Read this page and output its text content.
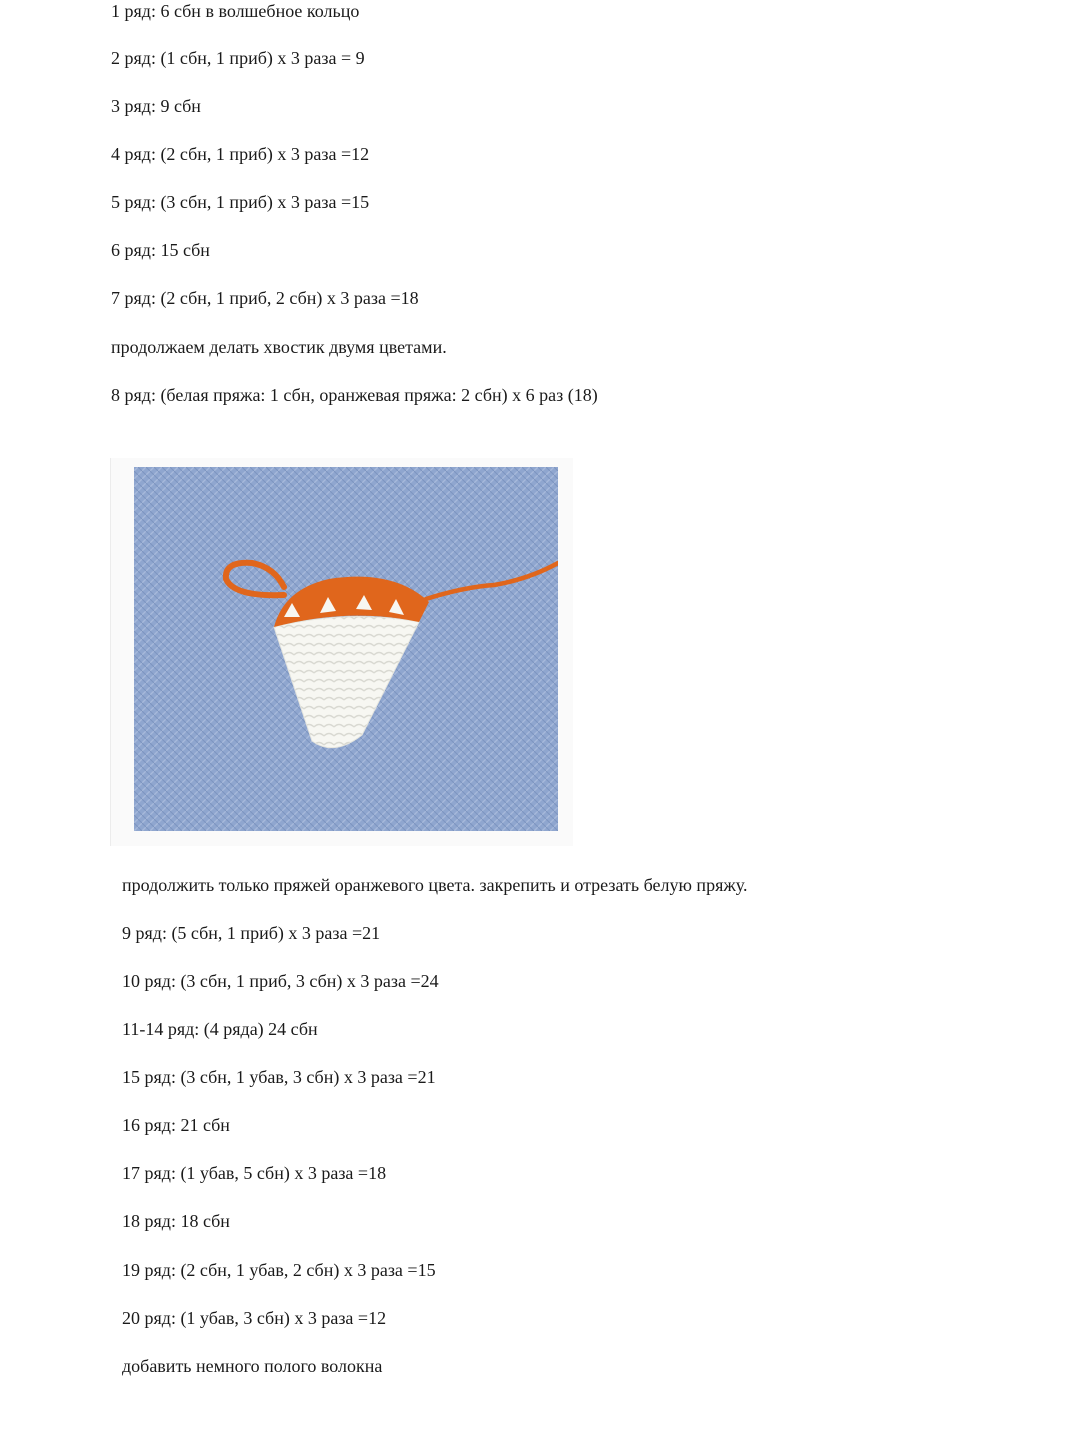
1 ряд: 6 сбн в волшебное кольцо
2 ряд: (1 сбн, 1 приб) х 3 раза = 9
3 ряд: 9 сбн
4 ряд: (2 сбн, 1 приб) х 3 раза =12
5 ряд: (3 сбн, 1 приб) х 3 раза =15
6 ряд: 15 сбн
7 ряд: (2 сбн, 1 приб, 2 сбн) х 3 раза =18
продолжаем делать хвостик двумя цветами.
8 ряд: (белая пряжа: 1 сбн, оранжевая пряжа: 2 сбн) х 6 раз (18)
продолжить только пряжей оранжевого цвета. закрепить и отрезать белую пряжу.
9 ряд: (5 сбн, 1 приб) х 3 раза =21
10 ряд: (3 сбн, 1 приб, 3 сбн) х 3 раза =24
11-14 ряд: (4 ряда) 24 сбн
15 ряд: (3 сбн, 1 убав, 3 сбн) х 3 раза =21
16 ряд: 21 сбн
17 ряд: (1 убав, 5 сбн) х 3 раза =18
18 ряд: 18 сбн
19 ряд: (2 сбн, 1 убав, 2 сбн) х 3 раза =15
20 ряд: (1 убав, 3 сбн) х 3 раза =12
добавить немного полого волокна
